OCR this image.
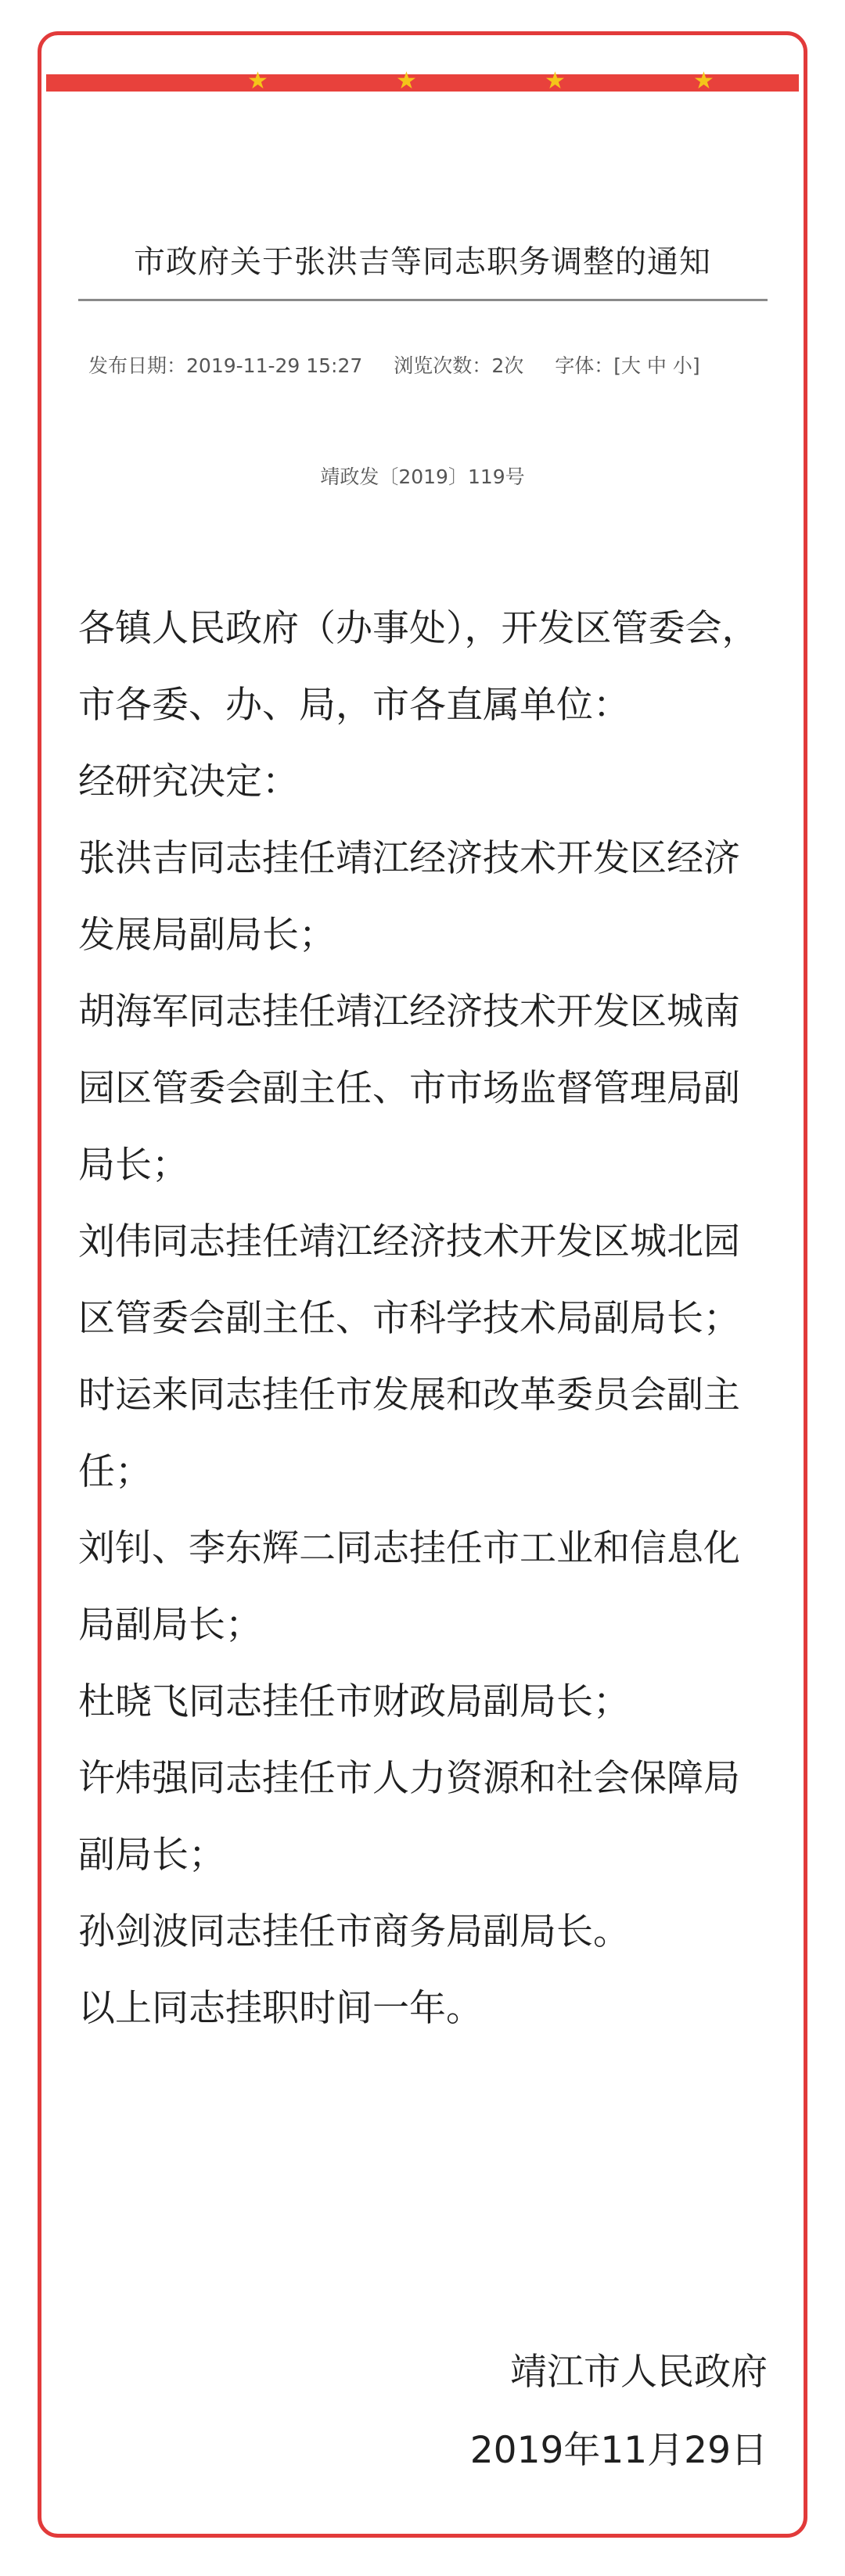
★	★	★	★
市政府关于张洪吉等同志职务调整的通知
发布日期：2019-11-29 15:27 浏览次数：2次 字体：[大 中 小]
靖政发〔2019〕119号

各镇人民政府（办事处），开发区管委会，市各委、办、局，市各直属单位：

经研究决定：

张洪吉同志挂任靖江经济技术开发区经济发展局副局长；

胡海军同志挂任靖江经济技术开发区城南园区管委会副主任、市市场监督管理局副局长；

刘伟同志挂任靖江经济技术开发区城北园区管委会副主任、市科学技术局副局长；

时运来同志挂任市发展和改革委员会副主任；

刘钊、李东辉二同志挂任市工业和信息化局副局长；

杜晓飞同志挂任市财政局副局长；

许炜强同志挂任市人力资源和社会保障局副局长；

孙剑波同志挂任市商务局副局长。

以上同志挂职时间一年。

靖江市人民政府
2019年11月29日
